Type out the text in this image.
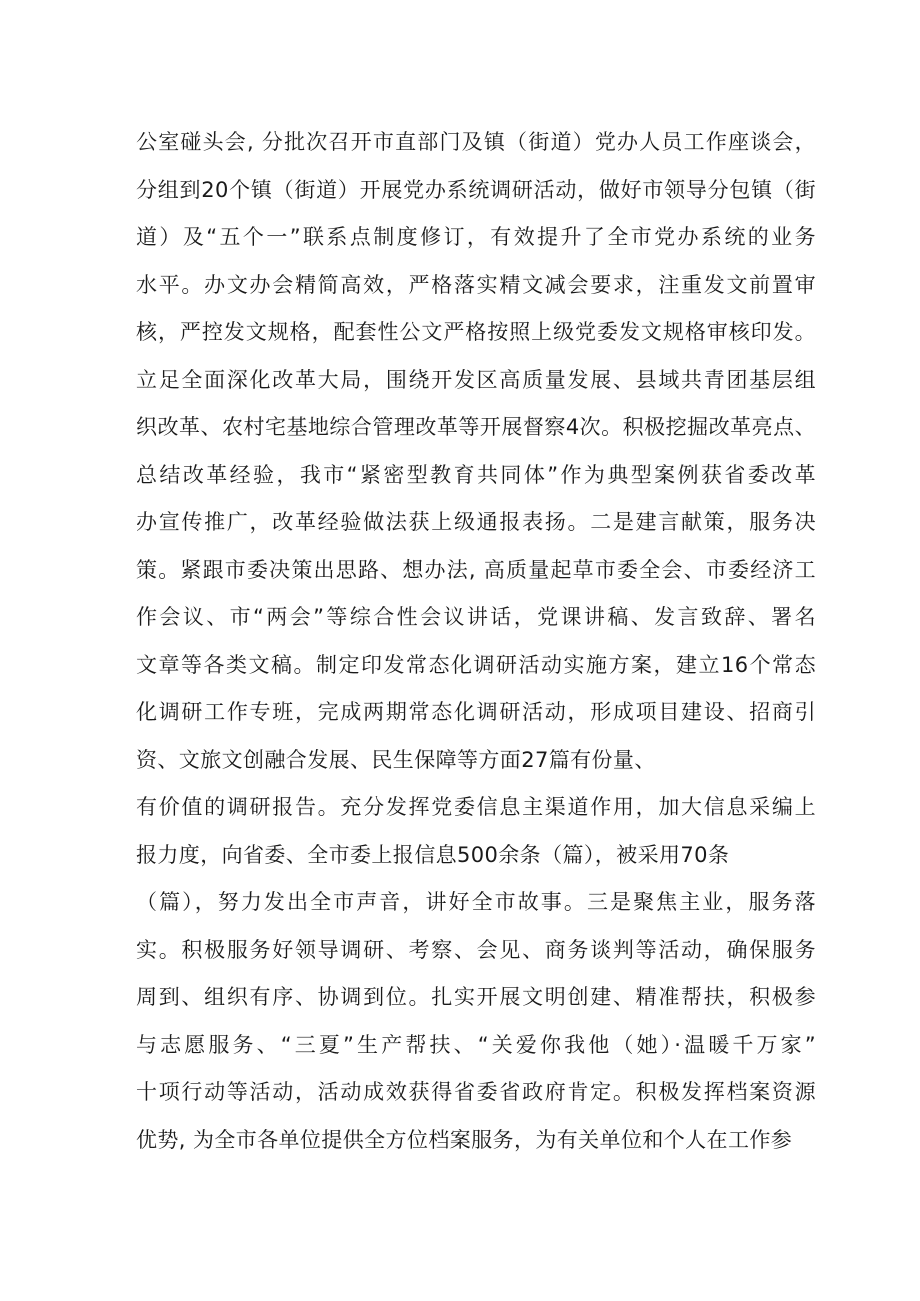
公室碰头会, 分批次召开市直部门及镇（街道）党办人员工作座谈会，
分组到20个镇（街道）开展党办系统调研活动，做好市领导分包镇（街
道）及“五个一”联系点制度修订，有效提升了全市党办系统的业务
水平。办文办会精简高效，严格落实精文减会要求，注重发文前置审
核，严控发文规格，配套性公文严格按照上级党委发文规格审核印发。
立足全面深化改革大局，围绕开发区高质量发展、县域共青团基层组
织改革、农村宅基地综合管理改革等开展督察4次。积极挖掘改革亮点、
总结改革经验，我市“紧密型教育共同体”作为典型案例获省委改革
办宣传推广，改革经验做法获上级通报表扬。二是建言献策，服务决
策。紧跟市委决策出思路、想办法, 高质量起草市委全会、市委经济工
作会议、市“两会”等综合性会议讲话，党课讲稿、发言致辞、署名
文章等各类文稿。制定印发常态化调研活动实施方案，建立16个常态
化调研工作专班，完成两期常态化调研活动，形成项目建设、招商引
资、文旅文创融合发展、民生保障等方面27篇有份量、
有价值的调研报告。充分发挥党委信息主渠道作用，加大信息采编上
报力度，向省委、全市委上报信息500余条（篇），被采用70条
（篇），努力发出全市声音，讲好全市故事。三是聚焦主业，服务落
实。积极服务好领导调研、考察、会见、商务谈判等活动，确保服务
周到、组织有序、协调到位。扎实开展文明创建、精准帮扶，积极参
与志愿服务、“三夏”生产帮扶、“关爱你我他（她）·温暖千万家”
十项行动等活动，活动成效获得省委省政府肯定。积极发挥档案资源
优势, 为全市各单位提供全方位档案服务，为有关单位和个人在工作参
